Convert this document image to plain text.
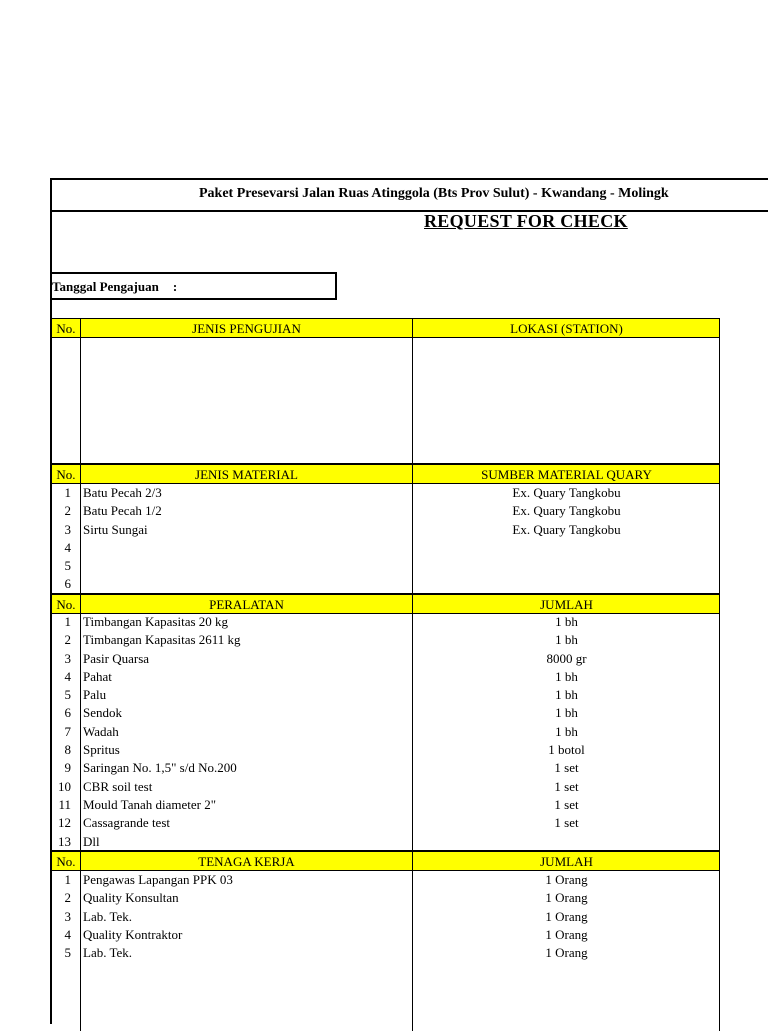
Paket Presevarsi Jalan Ruas Atinggola (Bts Prov Sulut) - Kwandang - Molingk
REQUEST FOR CHECK
Tanggal Pengajuan :
No.	JENIS PENGUJIAN	LOKASI (STATION)
No.	JENIS MATERIAL	SUMBER MATERIAL QUARY
1 Batu Pecah 2/3	Ex. Quary Tangkobu
2 Batu Pecah 1/2	Ex. Quary Tangkobu
3 Sirtu Sungai	Ex. Quary Tangkobu
4
5
6
No.	PERALATAN	JUMLAH
1 Timbangan Kapasitas 20 kg	1 bh
2 Timbangan Kapasitas 2611 kg	1 bh
3 Pasir Quarsa	8000 gr
4 Pahat	1 bh
5 Palu	1 bh
6 Sendok	1 bh
7 Wadah	1 bh
8 Spritus	1 botol
9 Saringan No. 1,5" s/d No.200	1 set
10 CBR soil test	1 set
11 Mould Tanah diameter 2"	1 set
12 Cassagrande test	1 set
13 Dll
No.	TENAGA KERJA	JUMLAH
1 Pengawas Lapangan PPK 03	1 Orang
2 Quality Konsultan	1 Orang
3 Lab. Tek.	1 Orang
4 Quality Kontraktor	1 Orang
5 Lab. Tek.	1 Orang
